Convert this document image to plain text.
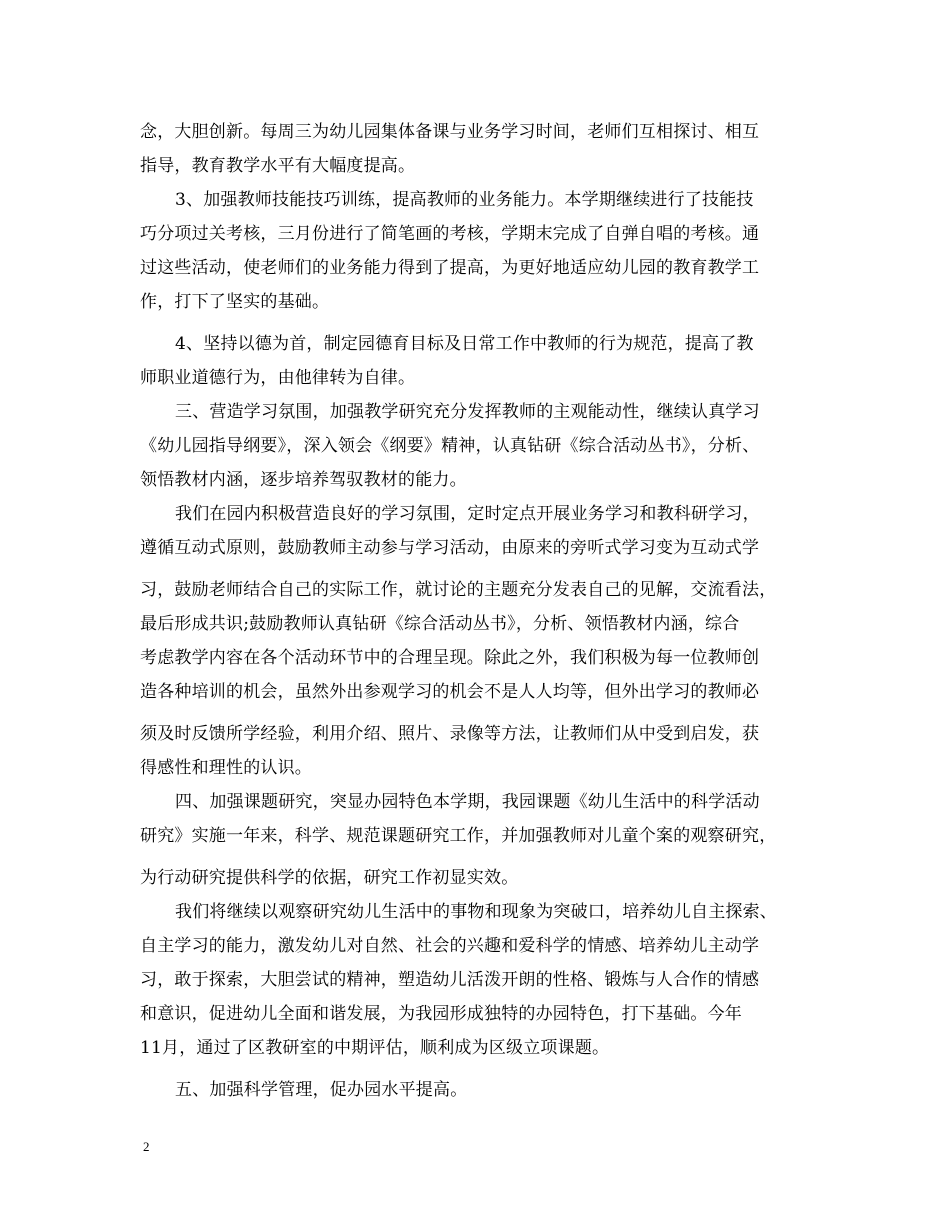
念，大胆创新。每周三为幼儿园集体备课与业务学习时间，老师们互相探讨、相互
指导，教育教学水平有大幅度提高。
3、加强教师技能技巧训练，提高教师的业务能力。本学期继续进行了技能技
巧分项过关考核，三月份进行了简笔画的考核，学期末完成了自弹自唱的考核。通
过这些活动，使老师们的业务能力得到了提高，为更好地适应幼儿园的教育教学工
作，打下了坚实的基础。
4、坚持以德为首，制定园德育目标及日常工作中教师的行为规范，提高了教
师职业道德行为，由他律转为自律。
三、营造学习氛围，加强教学研究充分发挥教师的主观能动性，继续认真学习
《幼儿园指导纲要》，深入领会《纲要》精神，认真钻研《综合活动丛书》，分析、
领悟教材内涵，逐步培养驾驭教材的能力。
我们在园内积极营造良好的学习氛围，定时定点开展业务学习和教科研学习，
遵循互动式原则，鼓励教师主动参与学习活动，由原来的旁听式学习变为互动式学
习，鼓励老师结合自己的实际工作，就讨论的主题充分发表自己的见解，交流看法，
最后形成共识;鼓励教师认真钻研《综合活动丛书》，分析、领悟教材内涵，综合
考虑教学内容在各个活动环节中的合理呈现。除此之外，我们积极为每一位教师创
造各种培训的机会，虽然外出参观学习的机会不是人人均等，但外出学习的教师必
须及时反馈所学经验，利用介绍、照片、录像等方法，让教师们从中受到启发，获
得感性和理性的认识。
四、加强课题研究，突显办园特色本学期，我园课题《幼儿生活中的科学活动
研究》实施一年来，科学、规范课题研究工作，并加强教师对儿童个案的观察研究，
为行动研究提供科学的依据，研究工作初显实效。
我们将继续以观察研究幼儿生活中的事物和现象为突破口，培养幼儿自主探索、
自主学习的能力，激发幼儿对自然、社会的兴趣和爱科学的情感、培养幼儿主动学
习，敢于探索，大胆尝试的精神，塑造幼儿活泼开朗的性格、锻炼与人合作的情感
和意识，促进幼儿全面和谐发展，为我园形成独特的办园特色，打下基础。今年
11月，通过了区教研室的中期评估，顺利成为区级立项课题。
五、加强科学管理，促办园水平提高。
2
